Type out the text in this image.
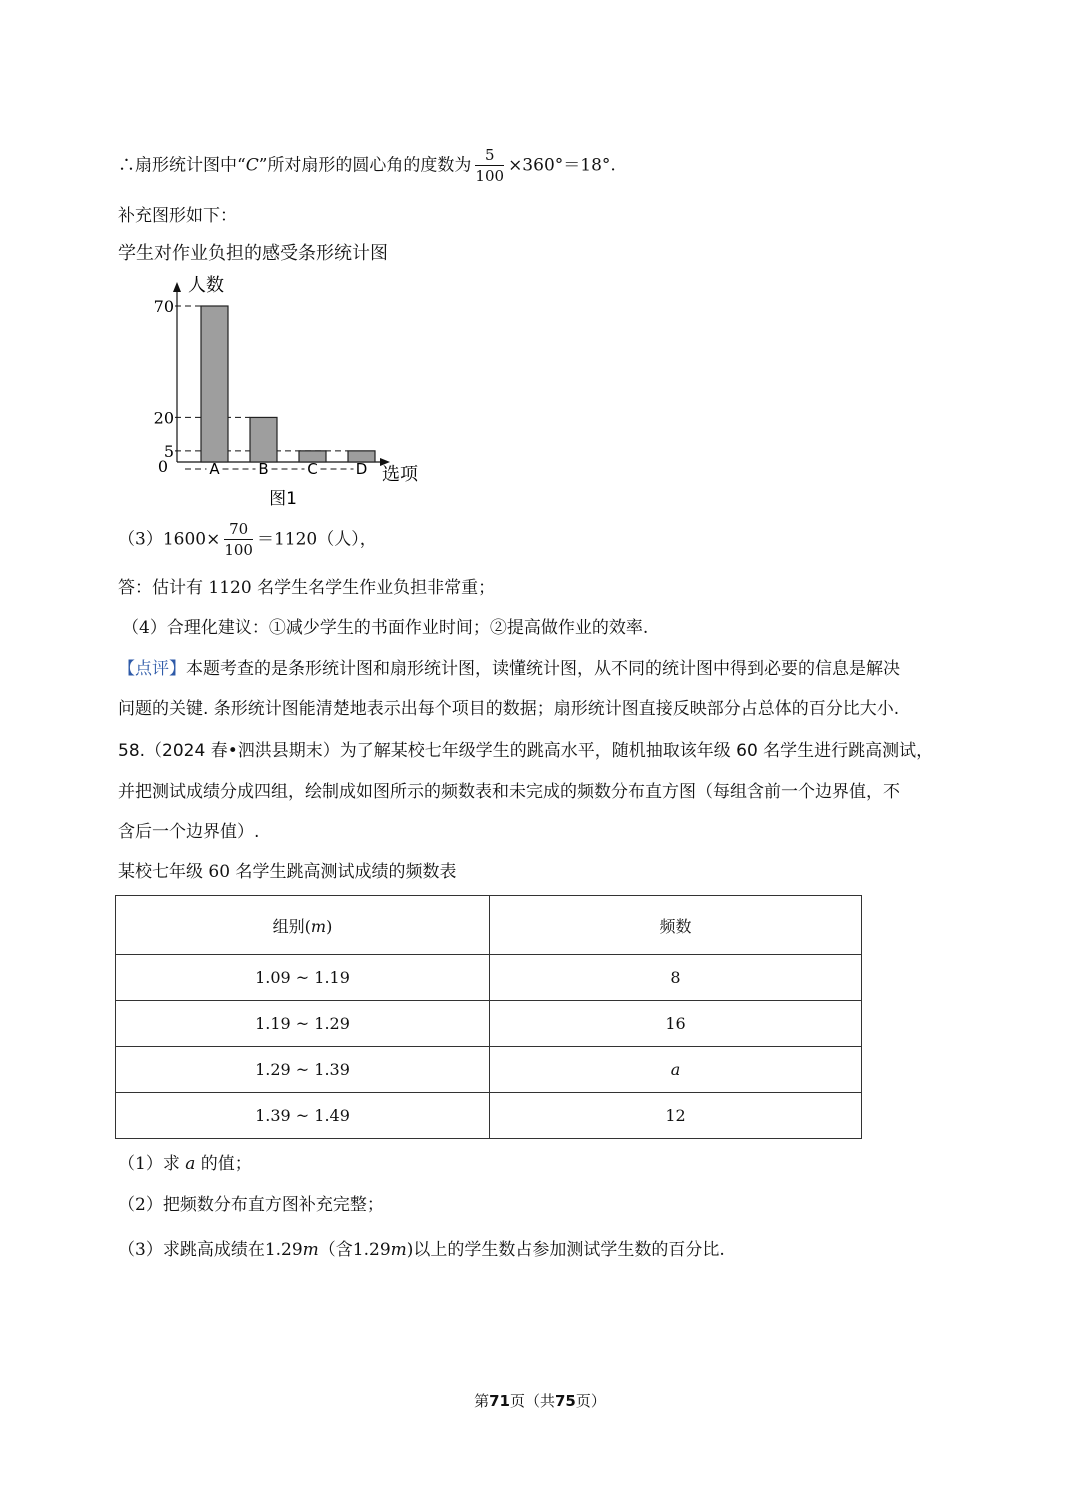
∴扇形统计图中“C”所对扇形的圆心角的度数为 $\frac{5}{100} \times 360^\circ=18^\circ$.
补充图形如下：
学生对作业负担的感受条形统计图
人数
选项
0
5
20
70
A	B	C	D
图1
$(3)1600\times \frac{70}{100} =1120$（人），
答：估计有 1120 名学生名学生作业负担非常重；
（4）合理化建议：①减少学生的书面作业时间；②提高做作业的效率.
【点评】本题考查的是条形统计图和扇形统计图，读懂统计图，从不同的统计图中得到必要的信息是解决
问题的关键. 条形统计图能清楚地表示出每个项目的数据；扇形统计图直接反映部分占总体的百分比大小.
58.（2024 春•泗洪县期末）为了解某校七年级学生的跳高水平，随机抽取该年级 60 名学生进行跳高测试，
并把测试成绩分成四组，绘制成如图所示的频数表和未完成的频数分布直方图（每组含前一个边界值，不
含后一个边界值）.
某校七年级 60 名学生跳高测试成绩的频数表
组别(m)	频数
1.09 ~ 1.19	8
1.19 ~ 1.29	16
1.29 ~ 1.39	a
1.39 ~ 1.49	12
（1）求 a 的值；
（2）把频数分布直方图补充完整；
（3）求跳高成绩在1.29m（含1.29m)以上的学生数占参加测试学生数的百分比.
第71页（共75页）
